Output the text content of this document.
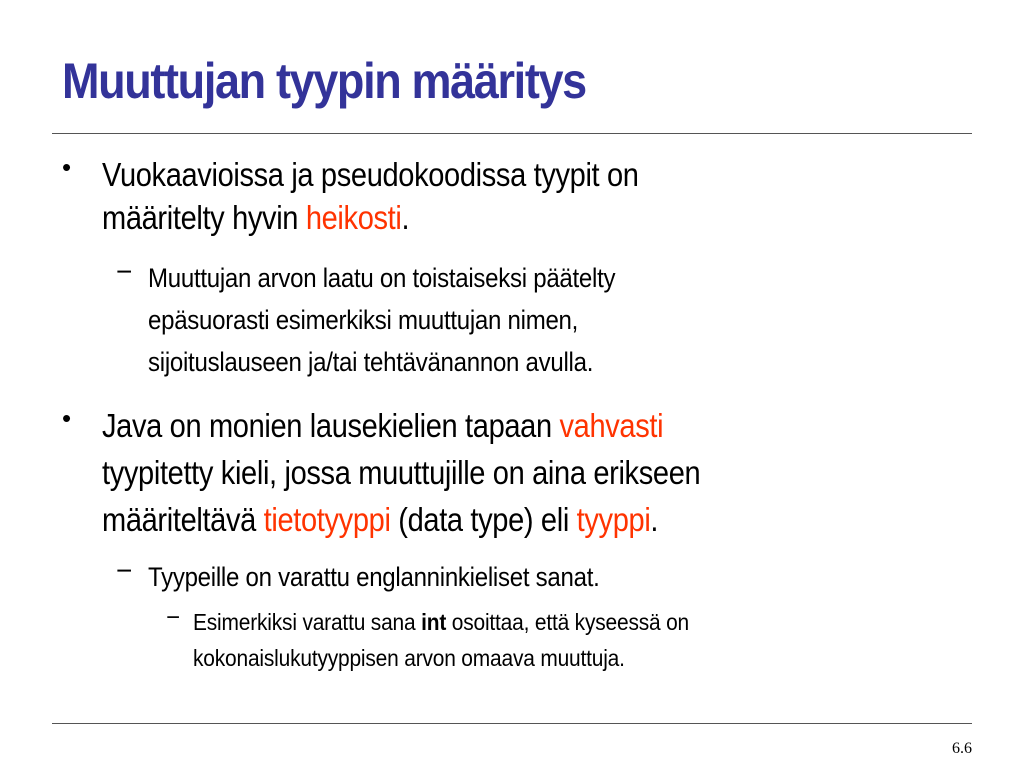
Muuttujan tyypin määritys
• Vuokaavioissa ja pseudokoodissa tyypit on

määritelty hyvin heikosti.

− Muuttujan arvon laatu on toistaiseksi päätelty

epäsuorasti esimerkiksi muuttujan nimen,

sijoituslauseen ja/tai tehtävänannon avulla.

• Java on monien lausekielien tapaan vahvasti

tyypitetty kieli, jossa muuttujille on aina erikseen

määriteltävä tietotyyppi (data type) eli tyyppi.

− Tyypeille on varattu englanninkieliset sanat.

− Esimerkiksi varattu sana int osoittaa, että kyseessä on

kokonaislukutyyppisen arvon omaava muuttuja.

6.6
